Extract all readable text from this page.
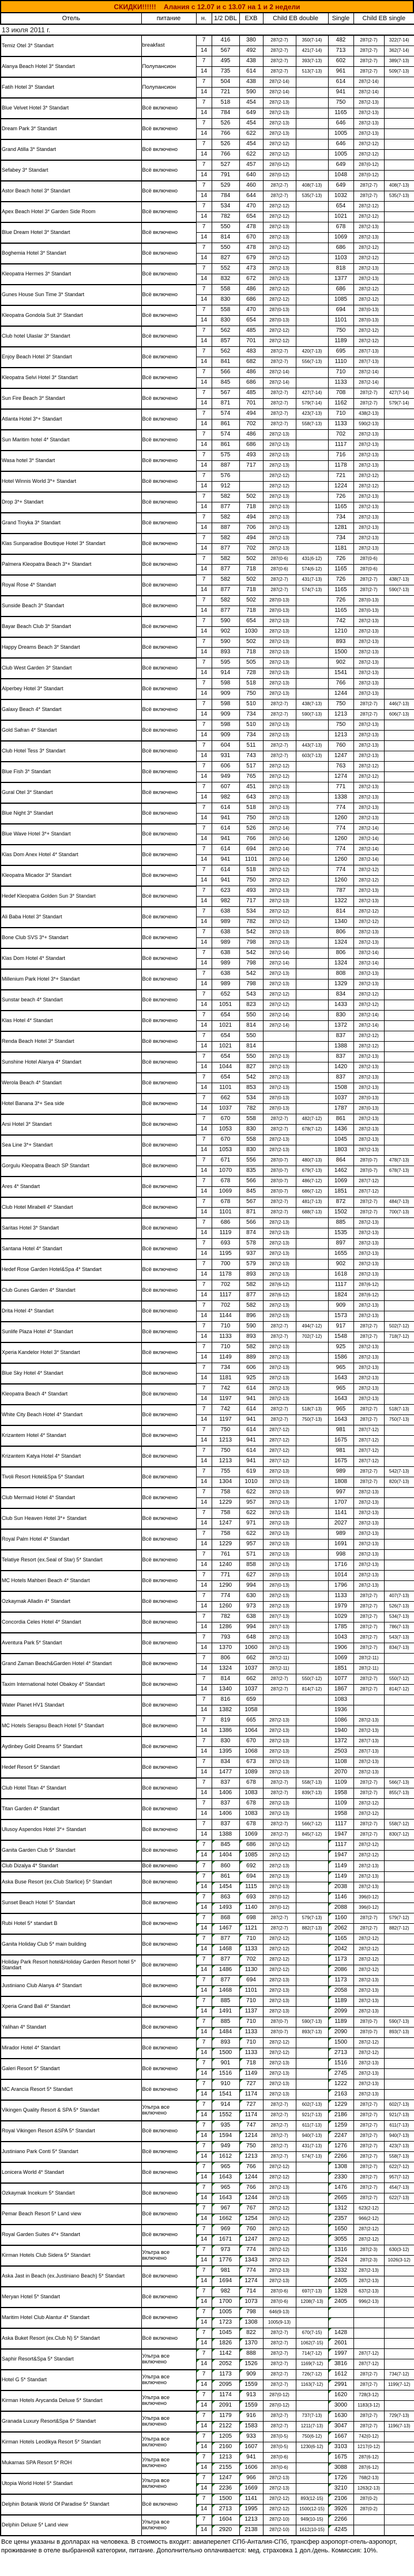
СКИДКИ!!!!!!    Алания с 12.07 и с 13.07 на 1 и 2 недели
Отель	питание	н.	1/2 DBL	EXB	Child EB double	Single	Child EB single
13 июля 2011 г.
Temiz Otel 3* Standart	breakfast	7	416	380	287(2-7)	350(7-14)	482	287(2-7)	322(7-14)
		14	567	492	287(2-7)	421(7-14)	713	287(2-7)	362(7-14)
Alanya Beach Hotel 3* Standart	Полупансион	7	495	438	287(2-7)	393(7-13)	602	287(2-7)	389(7-13)
		14	735	614	287(2-7)	513(7-13)	961	287(2-7)	509(7-13)
Fatih Hotel 3* Standart	Полупансион	7	504	438	287(2-14)		614	287(2-14)	
		14	721	590	287(2-14)		941	287(2-14)	
Blue Velvet Hotel 3* Standart	Всё включено	7	518	454	287(2-13)		750	287(2-13)	
		14	784	649	287(2-13)		1165	287(2-13)	
Dream Park 3* Standart	Всё включено	7	526	454	287(2-13)		646	287(2-13)	
		14	766	622	287(2-13)		1005	287(2-13)	
Grand Atilla 3* Standart	Всё включено	7	526	454	287(2-12)		646	287(2-12)	
		14	766	622	287(2-12)		1005	287(2-12)	
Sefabey 3* Standart	Всё включено	7	527	457	287(0-12)		649	287(0-12)	
		14	791	640	287(0-12)		1048	287(0-12)	
Astor Beach hotel 3* Standart	Всё включено	7	529	460	287(2-7)	408(7-13)	649	287(2-7)	408(7-13)
		14	784	644	287(2-7)	535(7-13)	1032	287(2-7)	535(7-13)
Apex Beach Hotel 3* Garden Side Room	Всё включено	7	534	470	287(2-12)		654	287(2-12)	
		14	782	654	287(2-12)		1021	287(2-12)	
Blue Dream Hotel 3* Standart	Всё включено	7	550	478	287(2-13)		678	287(2-13)	
		14	814	670	287(2-13)		1069	287(2-13)	
Boghemia Hotel 3* Standart	Всё включено	7	550	478	287(2-12)		686	287(2-12)	
		14	827	679	287(2-12)		1103	287(2-12)	
Kleopatra Hermes 3* Standart	Всё включено	7	552	473	287(2-13)		818	287(2-13)	
		14	832	672	287(2-13)		1377	287(2-13)	
Gunes House Sun Time 3* Standart	Всё включено	7	558	486	287(2-12)		686	287(2-12)	
		14	830	686	287(2-12)		1085	287(2-12)	
Kleopatra Gondola Suit 3* Standart	Всё включено	7	558	470	287(0-13)		694	287(0-13)	
		14	830	654	287(0-13)		1101	287(0-13)	
Club hotel Ulaslar 3* Standart	Всё включено	7	562	485	287(2-12)		750	287(2-12)	
		14	857	701	287(2-12)		1189	287(2-12)	
Enjoy Beach Hotel 3* Standart	Всё включено	7	562	483	287(2-7)	420(7-13)	695	287(7-13)	
		14	841	682	287(2-7)	556(7-13)	1110	287(7-13)	
Kleopatra Selvi Hotel 3* Standart	Всё включено	7	566	486	287(2-14)		710	287(2-14)	
		14	845	686	287(2-14)		1133	287(2-14)	
Sun Fire Beach 3* Standart	Всё включено	7	567	485	287(2-7)	427(7-14)	708	287(2-7)	427(7-14)
		14	871	701	287(2-7)	579(7-14)	1162	287(2-7)	579(7-14)
Atlanta Hotel 3*+ Standart	Всё включено	7	574	494	287(2-7)	423(7-13)	710	438(2-13)	
		14	861	702	287(2-7)	558(7-13)	1133	590(2-13)	
Sun Maritim hotel 4* Standart	Всё включено	7	574	486	287(2-13)		702	287(2-13)	
		14	861	686	287(2-13)		1117	287(2-13)	
Wasa hotel 3* Standart	Всё включено	7	575	493	287(2-13)		716	287(2-13)	
		14	887	717	287(2-13)		1178	287(2-13)	
Hotel Winnis World 3*+ Standart	Всё включено	7	576		287(2-12)		721	287(2-12)	
		14	912		287(2-12)		1224	287(2-12)	
Drop 3*+ Standart	Всё включено	7	582	502	287(2-13)		726	287(2-13)	
		14	877	718	287(2-13)		1165	287(2-13)	
Grand Troyka 3* Standart	Всё включено	7	582	494	287(2-13)		734	287(2-13)	
		14	887	706	287(2-13)		1281	287(2-13)	
Klas Sunparadise Boutique Hotel 3* Standart	Всё включено	7	582	494	287(2-13)		734	287(2-13)	
		14	877	702	287(2-13)		1181	287(2-13)	
Palmera Kleopatra Beach 3*+ Standart	Всё включено	7	582	502	287(0-6)	431(6-12)	726	287(0-6)	
		14	877	718	287(0-6)	574(6-12)	1165	287(0-6)	
Royal Rose 4* Standart	Всё включено	7	582	502	287(2-7)	431(7-13)	726	287(2-7)	438(7-13)
		14	877	718	287(2-7)	574(7-13)	1165	287(2-7)	590(7-13)
Sunside Beach 3* Standart	Всё включено	7	582	502	287(0-13)		726	287(0-13)	
		14	877	718	287(0-13)		1165	287(0-13)	
Bayar Beach Club 3* Standart	Всё включено	7	590	654	287(2-13)		742	287(2-13)	
		14	902	1030	287(2-13)		1210	287(2-13)	
Happy Dreams Beach 3* Standart	Всё включено	7	590	502	287(2-13)		893	287(2-13)	
		14	893	718	287(2-13)		1500	287(2-13)	
Club West Garden 3* Standart	Всё включено	7	595	505	287(2-13)		902	287(2-13)	
		14	914	728	287(2-13)		1541	287(2-13)	
Alperbey Hotel 3* Standart	Всё включено	7	598	518	287(2-13)		766	287(2-13)	
		14	909	750	287(2-13)		1244	287(2-13)	
Galaxy Beach 4* Standart	Всё включено	7	598	510	287(2-7)	438(7-13)	750	287(2-7)	446(7-13)
		14	909	734	287(2-7)	590(7-13)	1213	287(2-7)	606(7-13)
Gold Safran 4* Standart	Всё включено	7	598	510	287(2-13)		750	287(2-13)	
		14	909	734	287(2-13)		1213	287(2-13)	
Club Hotel Tess 3* Standart	Всё включено	7	604	511	287(2-7)	443(7-13)	760	287(2-13)	
		14	931	743	287(2-7)	603(7-13)	1247	287(2-13)	
Blue Fish 3* Standart	Всё включено	7	606	517	287(2-12)		763	287(2-12)	
		14	949	765	287(2-12)		1274	287(2-12)	
Gural Otel 3* Standart	Всё включено	7	607	451	287(2-13)		771	287(2-13)	
		14	982	643	287(2-13)		1338	287(2-13)	
Blue Night 3* Standart	Всё включено	7	614	518	287(2-13)		774	287(2-13)	
		14	941	750	287(2-13)		1260	287(2-13)	
Blue Wave Hotel 3*+ Standart	Всё включено	7	614	526	287(2-14)		774	287(2-14)	
		14	941	766	287(2-14)		1260	287(2-14)	
Klas Dom Anex Hotel 4* Standart	Всё включено	7	614	694	287(2-14)		774	287(2-14)	
		14	941	1101	287(2-14)		1260	287(2-14)	
Kleopatra Micador 3* Standart	Всё включено	7	614	518	287(2-12)		774	287(2-12)	
		14	941	750	287(2-12)		1260	287(2-12)	
Hedef Kleopatra Golden Sun 3* Standart	Всё включено	7	623	493	287(2-13)		787	287(2-13)	
		14	982	717	287(2-13)		1322	287(2-13)	
Ali Baba Hotel 3* Standart	Всё включено	7	638	534	287(2-12)		814	287(2-12)	
		14	989	782	287(2-12)		1340	287(2-12)	
Bone Club SVS 3*+ Standart	Всё включено	7	638	542	287(2-13)		806	287(2-13)	
		14	989	798	287(2-13)		1324	287(2-13)	
Klas Dom Hotel 4* Standart	Всё включено	7	638	542	287(2-14)		806	287(2-14)	
		14	989	798	287(2-14)		1324	287(2-14)	
Millenium Park Hotel 3*+ Standart	Всё включено	7	638	542	287(2-13)		808	287(2-13)	
		14	989	798	287(2-13)		1329	287(2-13)	
Sunstar beach 4* Standart	Всё включено	7	652	543	287(2-12)		834	287(2-12)	
		14	1051	823	287(2-12)		1433	287(2-12)	
Klas Hotel 4* Standart	Всё включено	7	654	550	287(2-14)		830	287(2-14)	
		14	1021	814	287(2-14)		1372	287(2-14)	
Renda Beach Hotel 3* Standart	Всё включено	7	654	550			837	287(2-12)	
		14	1021	814			1388	287(2-12)	
Sunshine Hotel Alanya 4* Standart	Всё включено	7	654	550	287(2-13)		837	287(2-13)	
		14	1044	827	287(2-13)		1420	287(2-13)	
Werola Beach 4* Standart	Всё включено	7	654	542	287(2-13)		837	287(2-13)	
		14	1101	853	287(2-13)		1508	287(2-13)	
Hotel Banana 3*+ Sea side	Всё включено	7	662	534	287(0-13)		1037	287(0-13)	
		14	1037	782	287(0-13)		1787	287(0-13)	
Arsi Hotel 3* Standart	Всё включено	7	670	558	287(2-7)	482(7-12)	861	287(2-13)	
		14	1053	830	287(2-7)	678(7-12)	1436	287(2-13)	
Sea Line 3*+ Standart	Всё включено	7	670	558	287(2-13)		1045	287(2-13)	
		14	1053	830	287(2-13)		1803	287(2-13)	
Gorgulu Kleopatra Beach SP Standart	Всё включено	7	671	556	287(0-7)	480(7-13)	864	287(0-7)	478(7-13)
		14	1070	835	287(0-7)	679(7-13)	1462	287(0-7)	678(7-13)
Ares 4* Standart	Всё включено	7	678	566	287(0-7)	486(7-12)	1069	287(7-12)	
		14	1069	845	287(0-7)	686(7-12)	1851	287(7-12)	
Club Hotel Mirabell 4* Standart	Всё включено	7	678	567	287(2-7)	481(7-13)	872	287(2-7)	484(7-13)
		14	1101	871	287(2-7)	688(7-13)	1502	287(2-7)	700(7-13)
Saritas Hotel 3* Standart	Всё включено	7	686	566	287(2-13)		885	287(2-13)	
		14	1119	874	287(2-13)		1535	287(2-13)	
Santana Hotel 4* Standart	Всё включено	7	693	578	287(2-13)		897	287(2-13)	
		14	1195	937	287(2-13)		1655	287(2-13)	
Hedef Rose Garden Hotel&Spa 4* Standart	Всё включено	7	700	579	287(2-13)		902	287(2-13)	
		14	1178	893	287(2-13)		1618	287(2-13)	
Club Gunes Garden 4* Standart	Всё включено	7	702	582	287(6-12)		1117	287(6-12)	
		14	1117	877	287(6-12)		1824	287(6-12)	
Drita Hotel 4* Standart	Всё включено	7	702	582	287(2-13)		909	287(2-13)	
		14	1144	896	287(2-13)		1573	287(2-13)	
Sunlife Plaza Hotel 4* Standart	Всё включено	7	710	590	287(2-7)	494(7-12)	917	287(2-7)	502(7-12)
		14	1133	893	287(2-7)	702(7-12)	1548	287(2-7)	718(7-12)
Xperia Kandelor Hotel 3* Standart	Всё включено	7	710	582	287(2-13)		925	287(2-13)	
		14	1149	889	287(2-13)		1586	287(2-13)	
Blue Sky Hotel 4* Standart	Всё включено	7	734	606	287(2-13)		965	287(2-13)	
		14	1181	925	287(2-13)		1643	287(2-13)	
Kleopatra Beach 4* Standart	Всё включено	7	742	614	287(2-13)		965	287(2-13)	
		14	1197	941	287(2-13)		1643	287(2-13)	
White City Beach Hotel 4* Standart	Всё включено	7	742	614	287(2-7)	518(7-13)	965	287(2-7)	518(7-13)
		14	1197	941	287(2-7)	750(7-13)	1643	287(2-7)	750(7-13)
Krizantem Hotel 4* Standart	Всё включено	7	750	614	287(7-12)		981	287(7-12)	
		14	1213	941	287(7-12)		1675	287(7-12)	
Krizantem Katya Hotel 4* Standart	Всё включено	7	750	614	287(7-12)		981	287(7-12)	
		14	1213	941	287(7-12)		1675	287(7-12)	
Tivoli Resort Hotel&Spa 5* Standart	Всё включено	7	755	619	287(2-13)		989	287(2-7)	542(7-13)
		14	1304	1010	287(2-13)		1808	287(2-7)	820(7-13)
Club Mermaid Hotel 4* Standart	Всё включено	7	758	622	287(2-13)		997	287(2-13)	
		14	1229	957	287(2-13)		1707	287(2-13)	
Club Sun Heaven Hotel 3*+ Standart	Всё включено	7	758	622	287(2-13)		1141	287(2-13)	
		14	1247	971	287(2-13)		2027	287(2-13)	
Royal Palm Hotel 4* Standart	Всё включено	7	758	622	287(2-13)		989	287(2-13)	
		14	1229	957	287(2-13)		1691	287(2-13)	
Telatiye Resort (ex.Seal of Star) 5* Standart	Всё включено	7	761	571	287(2-13)		998	287(2-13)	
		14	1240	858	287(2-13)		1716	287(2-13)	
MC Hotels Mahberi Beach 4* Standart	Всё включено	7	771	627	287(0-13)		1014	287(2-13)	
		14	1290	994	287(0-13)		1796	287(2-13)	
Ozkaymak Alladin 4* Standart	Всё включено	7	774	630	287(2-13)		1133	287(2-7)	407(7-13)
		14	1260	973	287(2-13)		1979	287(2-7)	526(7-13)
Concordia Celes Hotel 4* Standart	Всё включено	7	782	638	287(7-13)		1029	287(2-7)	534(7-13)
		14	1286	994	287(7-13)		1785	287(2-7)	786(7-13)
Aventura Park 5* Standart	Всё включено	7	793	648	287(2-13)		1043	287(2-7)	543(7-13)
		14	1370	1060	287(2-13)		1906	287(2-7)	834(7-13)
Grand Zaman Beach&Garden Hotel 4* Standart	Всё включено	7	806	662	287(2-11)		1069	287(2-11)	
		14	1324	1037	287(2-11)		1851	287(2-11)	
Taxim International hotel Obakoy 4* Standart	Всё включено	7	814	662	287(2-7)	550(7-12)	1077	287(2-7)	550(7-12)
		14	1340	1037	287(2-7)	814(7-12)	1867	287(2-7)	814(7-12)
Water Planet HV1 Standart	Всё включено	7	816	659			1083		
		14	1382	1058			1936		
MC Hotels Serapsu Beach Hotel 5* Standart	Всё включено	7	819	665	287(2-13)		1086	287(2-13)	
		14	1386	1064	287(2-13)		1940	287(2-13)	
Aydinbey Gold Dreams 5* Standart	Всё включено	7	830	670	287(2-13)		1372	287(7-13)	
		14	1395	1068	287(2-13)		2503	287(7-13)	
Hedef Resort 5* Standart	Всё включено	7	834	673	287(2-13)		1108	287(2-13)	
		14	1477	1089	287(2-13)		2070	287(2-13)	
Club Hotel Titan 4* Standart	Всё включено	7	837	678	287(2-7)	558(7-13)	1109	287(2-7)	566(7-13)
		14	1406	1083	287(2-7)	839(7-13)	1958	287(2-7)	855(7-13)
Titan Garden 4* Standart	Всё включено	7	837	678	287(2-13)		1109	287(2-12)	
		14	1406	1083	287(2-13)		1958	287(2-12)	
Ulusoy Aspendos Hotel 3*+ Standart	Всё включено	7	837	678	287(2-7)	566(7-12)	1117	287(2-7)	558(7-12)
		14	1388	1069	287(2-7)	845(7-12)	1947	287(2-7)	830(7-12)
Ganita Garden Club 5* Standart	Всё включено	7	845	686	287(2-12)		1117	287(2-12)	
		14	1404	1085	287(2-12)		1947	287(2-12)	
Club Dizalya 4* Standart	Всё включено	7	860	692	287(2-13)		1149	287(2-13)	
Aska Buse Resort (ex.Club Starlice) 5* Standart	Всё включено	7	861	694	287(2-13)		1149	287(2-13)	
		14	1454	1115	287(2-13)		2038	287(2-13)	
Sunset Beach Hotel 5* Standart	Всё включено	7	863	693	287(0-12)		1146	396(0-12)	
		14	1493	1140	287(0-12)		2088	396(0-12)	
Rubi Hotel 5* standart B	Всё включено	7	868	698	287(2-7)	579(7-13)	1160	287(2-7)	579(7-12)
		14	1467	1121	287(2-7)	882(7-13)	2062	287(2-7)	882(7-12)
Ganita Holiday Club 5* main building	Всё включено	7	877	710	287(2-12)		1165	287(2-12)	
		14	1468	1133	287(2-12)		2042	287(2-12)	
Holiday Park Resort hotel&Holiday Garden Resort hotel 5* Standart	Всё включено	7	877	702	287(2-12)		1173	287(2-12)	
		14	1486	1130	287(2-12)		2086	287(2-12)	
Justiniano Club Alanya 4* Standart	Всё включено	7	877	694	287(2-13)		1173	287(2-13)	
		14	1468	1101	287(2-13)		2058	287(2-13)	
Xperia Grand Bali 4* Standart	Всё включено	7	885	710	287(2-13)		1189	287(2-13)	
		14	1491	1137	287(2-13)		2099	287(2-13)	
Yalihan 4* Standart	Всё включено	7	885	710	287(0-7)	590(7-13)	1189	287(0-7)	590(7-13)
		14	1484	1133	287(0-7)	893(7-13)	2090	287(0-7)	893(7-13)
Mirador Hotel 4* Standart	Всё включено	7	893	710	287(2-12)		1500	287(2-12)	
		14	1500	1133	287(2-12)		2713	287(2-12)	
Galeri Resort 5* Standart	Всё включено	7	901	718	287(2-13)		1516	287(2-13)	
		14	1516	1149	287(2-13)		2745	287(2-13)	
MC Arancia Resort 5* Standart	Всё включено	7	910	727	287(2-13)		1222	287(2-13)	
		14	1541	1174	287(2-13)		2163	287(2-13)	
Vikingen Quality Resort & SPA 5* Standart	Ультра все включено	7	914	727	287(2-7)	602(7-13)	1229	287(2-7)	602(7-13)
		14	1552	1174	287(2-7)	921(7-13)	2186	287(2-7)	921(7-13)
Royal Vikingen Resort &SPA 5* Standart	Всё включено	7	935	747	287(2-7)	611(7-13)	1259	287(2-7)	611(7-13)
		14	1594	1214	287(2-7)	940(7-13)	2247	287(2-7)	940(7-13)
Justiniano Park Conti 5* Standart	Всё включено	7	949	750	287(2-7)	431(7-13)	1276	287(2-7)	423(7-13)
		14	1612	1213	287(2-7)	574(7-13)	2266	287(2-7)	558(7-13)
Lonicera World 4* Standart	Всё включено	7	965	766	287(2-12)		1308	287(2-7)	622(7-12)
		14	1643	1244	287(2-12)		2330	287(2-7)	957(7-12)
Ozkaymak Incekum 5* Standart	Всё включено	7	965	766	287(2-13)		1476	287(2-7)	454(7-13)
		14	1643	1244	287(2-13)		2665	287(2-7)	622(7-13)
Pemar Beach Resort 5* Land view	Всё включено	7	967	767	287(2-12)		1312	623(2-12)	
		14	1662	1254	287(2-12)		2357	966(2-12)	
Royal Garden Suites 4*+ Standart	Всё включено	7	969	760	287(2-12)		1650	287(2-12)	
		14	1671	1247	287(2-12)		3055	287(2-12)	
Kirman Hotels Club Sidera 5* Standart	Ультра все включено	7	973	774	287(2-12)		1316	287(2-3)	630(3-12)
		14	1776	1343	287(2-12)		2524	287(2-3)	1026(3-12)
Aska Jast in Beach (ex.Justiniano Beach) 5* Standart	Всё включено	7	981	774	287(2-13)		1332	287(2-13)	
		14	1694	1274	287(2-13)		2405	287(2-13)	
Meryan Hotel 5* Standart	Всё включено	7	982	714	287(0-6)	697(7-13)	1328	637(2-13)	
		14	1700	1073	287(0-6)	1208(7-13)	2405	996(2-13)	
Maritim Hotel Club Alantur 4* Standart	Всё включено	7	1005	798	646(9-13)				
		14	1723	1308	1005(9-13)				
Aska Buket Resort (ex.Club N) 5* Standart	Всё включено	7	1045	822	287(2-7)	670(7-15)	1428		
		14	1826	1370	287(2-7)	1062(7-15)	2601		
Saphir Resort&Spa 5* Standart	Ультра все включено	7	1142	888	287(2-7)	714(7-12)	1997	287(7-12)	
		14	2052	1526	287(2-7)	1169(7-12)	3816	287(7-12)	
Hotel G 5* Standart	Ультра все включено	7	1173	909	287(2-7)	726(7-12)	1612	287(2-7)	734(7-12)
		14	2095	1559	287(2-7)	1163(7-12)	2991	287(2-7)	1199(7-12)
Kirman Hotels Arycanda Deluxe 5* Standart	Ультра все включено	7	1174	913	287(0-12)		1620	728(3-12)	
		14	2091	1559	287(0-12)		3000	1183(3-12)	
Granada Luxury Resort&Spa 5* Standart	Ультра все включено	7	1179	916	287(2-7)	737(7-13)	1630	287(2-7)	729(7-13)
		14	2122	1583	287(2-7)	1211(7-13)	3047	287(2-7)	1196(7-13)
Kirman Hotels Leodikya Resort 5* Standart	Ультра все включено	7	1205	933	287(0-5)	750(6-12)	1667	742(0-12)	
		14	2160	1607	287(0-5)	1230(6-12)	3103	1217(0-12)	
Mukarnas SPA Resort 5* ROH	Ультра все включено	7	1213	941	287(0-6)		1675	287(6-12)	
		14	2155	1606	287(0-6)		3088	287(6-12)	
Utopia World Hotel 5* Standart	Ультра все включено	7	1247	966	287(2-13)		1726	768(2-13)	
		14	2236	1669	287(2-13)		3210	1263(2-13)	
Delphin Botanik World Of Paradise 5* Standart	Всё включено	7	1500	1141	287(2-12)	893(12-15)	2106	287(0-2)	
		14	2713	1995	287(2-12)	1500(12-15)	3926	287(0-2)	
Delphin Deluxe 5* Land view	Ультра все включено	7	1604	1213	287(2-10)	949(10-15)	2266		
		14	2920	2138	287(2-10)	1612(10-15)	4245		
Все цены указаны в долларах на человека. В стоимость входит: авиаперелет СПб-Анталия-СПб, трансфер аэропорт-отель-аэропорт, проживание в отеле выбранной категории, питание. Дополнительно оплачивается: мед. страховка 1 дол./день. Комиссия: 10%.
